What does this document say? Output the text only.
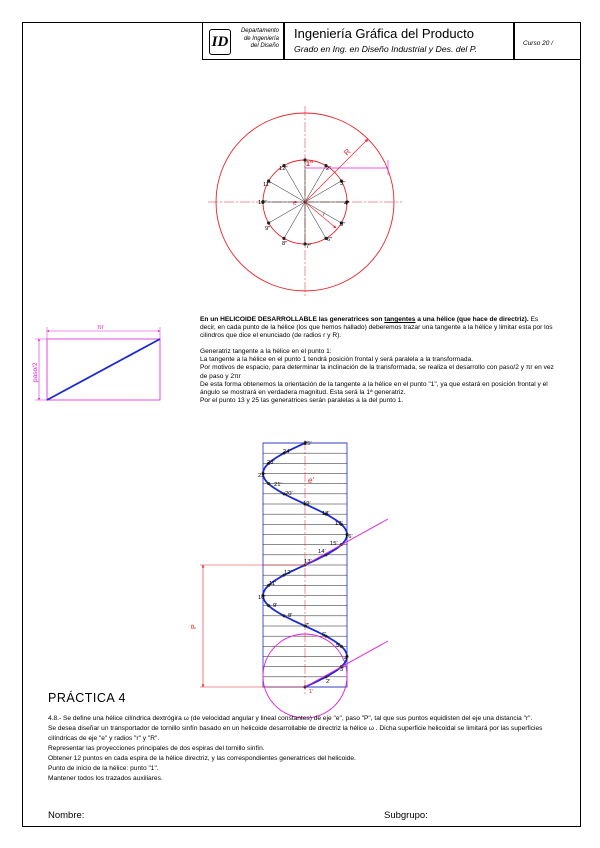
ID
Departamento
de Ingeniería
del Diseño
Ingeniería Gráfica del Producto
Grado en Ing. en Diseño Industrial y Des. del P.
Curso 20 /
R
r
e
12"
1"
2"
3"
4"
5"
6"
7"
8"
9"
10"
11"
πr
paso/2
P
e'
25'
24'
23'
22'
21'
20'
19'
18'
17'
16'
15'
14'
13'
12'
11'
10'
9'
8'
7'
6'
5'
4'
3'
2'
1'

En un HELICOIDE DESARROLLABLE las generatrices son tangentes a una hélice (que hace de directriz). Es decir, en cada punto de la hélice (los que hemos hallado) deberemos trazar una tangente a la hélice y limitar esta por los cilindros que dice el enunciado (de radios r y R).

Generatriz tangente a la hélice en el punto 1:

La tangente a la hélice en el punto 1 tendrá posición frontal y será paralela a la transformada.

Por motivos de espacio, para determinar la inclinación de la transformada, se realiza el desarrollo con paso/2 y πr en vez de paso y 2πr

De esta forma obtenemos la orientación de la tangente a la hélice en el punto "1", ya que estará en posición frontal y el ángulo se mostrará en verdadera magnitud. Esta será la 1ª generatriz.

Por el punto 13 y 25 las generatrices serán paralelas a la del punto 1.

PRÁCTICA 4

4.8.- Se define una hélice cilíndrica dextrógira ω (de velocidad angular y lineal constantes) de eje "e", paso "P", tal que sus puntos equidisten del eje una distancia "r".

Se desea diseñar un transportador de tornillo sinfín basado en un helicoide desarrollable de directriz la hélice ω . Dicha superficie helicoidal se limitará por las superficies cilíndricas de eje "e" y radios "r" y "R".

Representar las proyecciones principales de dos espiras del tornillo sinfín.

Obtener 12 puntos en cada espira de la hélice directriz, y las correspondientes generatrices del helicoide.

Punto de inicio de la hélice: punto "1".

Mantener todos los trazados auxiliares.

Nombre:	Subgrupo:
